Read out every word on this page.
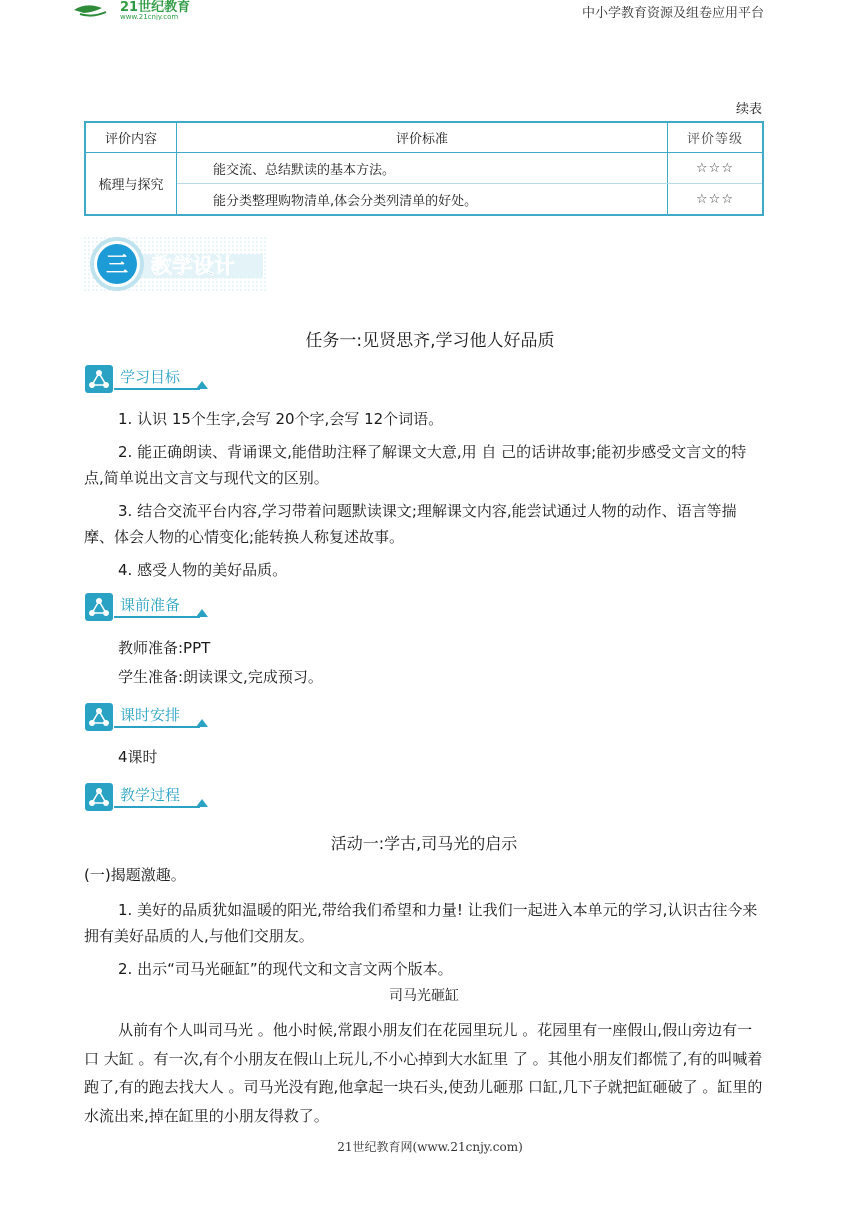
21世纪教育
www.21cnjy.com	中小学教育资源及组卷应用平台
续表
评价内容	评价标准	评价等级
梳理与探究	能交流、总结默读的基本方法。	☆☆☆
	能分类整理购物清单,体会分类列清单的好处。	☆☆☆
三 教学设计
任务一:见贤思齐,学习他人好品质
学习目标

1. 认识 15个生字,会写 20个字,会写 12个词语。

2. 能正确朗读、背诵课文,能借助注释了解课文大意,用 自 己的话讲故事;能初步感受文言文的特点,简单说出文言文与现代文的区别。

3. 结合交流平台内容,学习带着问题默读课文;理解课文内容,能尝试通过人物的动作、语言等揣摩、体会人物的心情变化;能转换人称复述故事。

4. 感受人物的美好品质。

课前准备

教师准备:PPT

学生准备:朗读课文,完成预习。

课时安排

4课时

教学过程
活动一:学古,司马光的启示

(一)揭题激趣。

1. 美好的品质犹如温暖的阳光,带给我们希望和力量! 让我们一起进入本单元的学习,认识古往今来拥有美好品质的人,与他们交朋友。

2. 出示“司马光砸缸”的现代文和文言文两个版本。

司马光砸缸

从前有个人叫司马光 。他小时候,常跟小朋友们在花园里玩儿 。花园里有一座假山,假山旁边有一 口 大缸 。有一次,有个小朋友在假山上玩儿,不小心掉到大水缸里 了 。其他小朋友们都慌了,有的叫喊着跑了,有的跑去找大人 。司马光没有跑,他拿起一块石头,使劲儿砸那 口缸,几下子就把缸砸破了 。缸里的水流出来,掉在缸里的小朋友得救了。

21世纪教育网(www.21cnjy.com)
